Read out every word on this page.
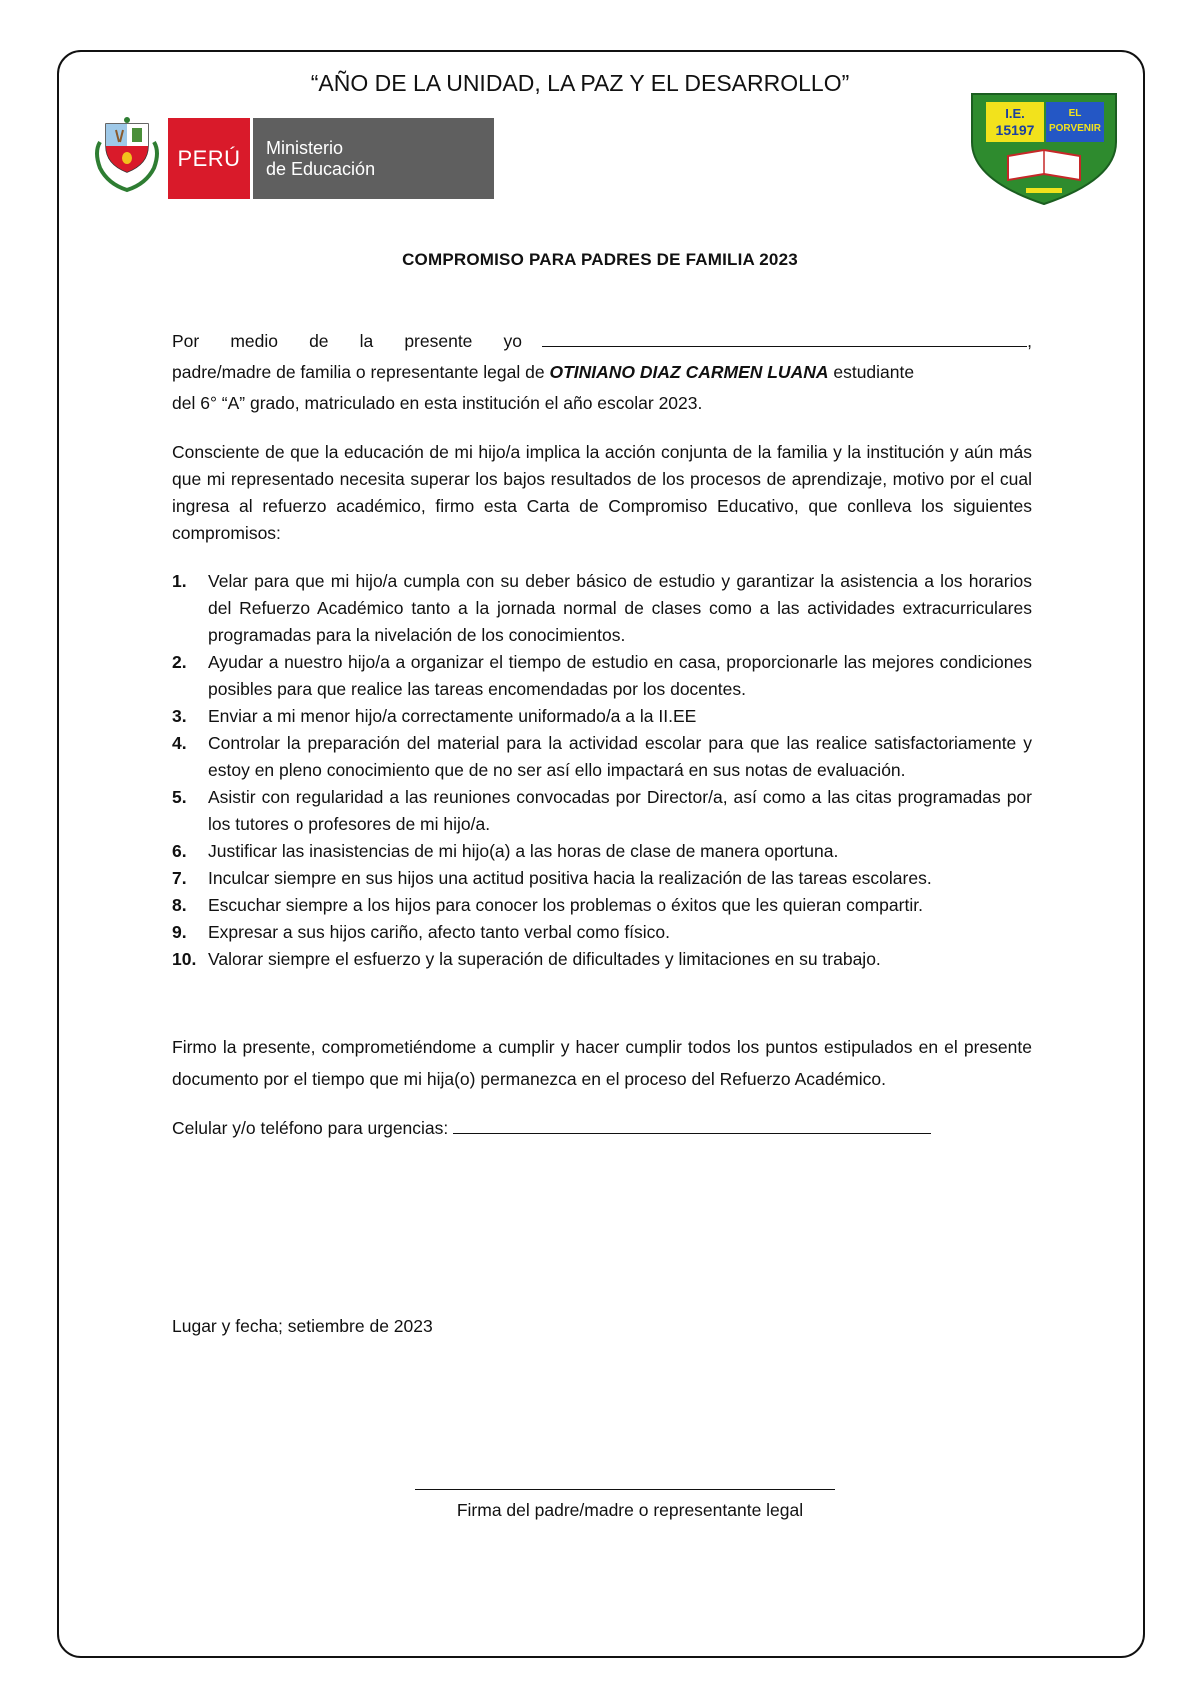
“AÑO DE LA UNIDAD, LA PAZ Y EL DESARROLLO”
PERÚ	Ministerio
de Educación
I.E.
15197
EL
PORVENIR
COMPROMISO PARA PADRES DE FAMILIA 2023

Por medio de la presente yo	,
padre/madre de familia o representante legal de OTINIANO DIAZ CARMEN LUANA estudiante
del 6° “A” grado, matriculado en esta institución el año escolar 2023.

Consciente de que la educación de mi hijo/a implica la acción conjunta de la familia y la institución y aún más que mi representado necesita superar los bajos resultados de los procesos de aprendizaje, motivo por el cual ingresa al refuerzo académico, firmo esta Carta de Compromiso Educativo, que conlleva los siguientes compromisos:

1. Velar para que mi hijo/a cumpla con su deber básico de estudio y garantizar la asistencia a los horarios del Refuerzo Académico tanto a la jornada normal de clases como a las actividades extracurriculares programadas para la nivelación de los conocimientos.
2. Ayudar a nuestro hijo/a a organizar el tiempo de estudio en casa, proporcionarle las mejores condiciones posibles para que realice las tareas encomendadas por los docentes.
3. Enviar a mi menor hijo/a correctamente uniformado/a a la II.EE
4. Controlar la preparación del material para la actividad escolar para que las realice satisfactoriamente y estoy en pleno conocimiento que de no ser así ello impactará en sus notas de evaluación.
5. Asistir con regularidad a las reuniones convocadas por Director/a, así como a las citas programadas por los tutores o profesores de mi hijo/a.
6. Justificar las inasistencias de mi hijo(a) a las horas de clase de manera oportuna.
7. Inculcar siempre en sus hijos una actitud positiva hacia la realización de las tareas escolares.
8. Escuchar siempre a los hijos para conocer los problemas o éxitos que les quieran compartir.
9. Expresar a sus hijos cariño, afecto tanto verbal como físico.
10. Valorar siempre el esfuerzo y la superación de dificultades y limitaciones en su trabajo.

Firmo la presente, comprometiéndome a cumplir y hacer cumplir todos los puntos estipulados en el presente documento por el tiempo que mi hija(o) permanezca en el proceso del Refuerzo Académico.

Celular y/o teléfono para urgencias:

Lugar y fecha; setiembre de 2023
Firma del padre/madre o representante legal
